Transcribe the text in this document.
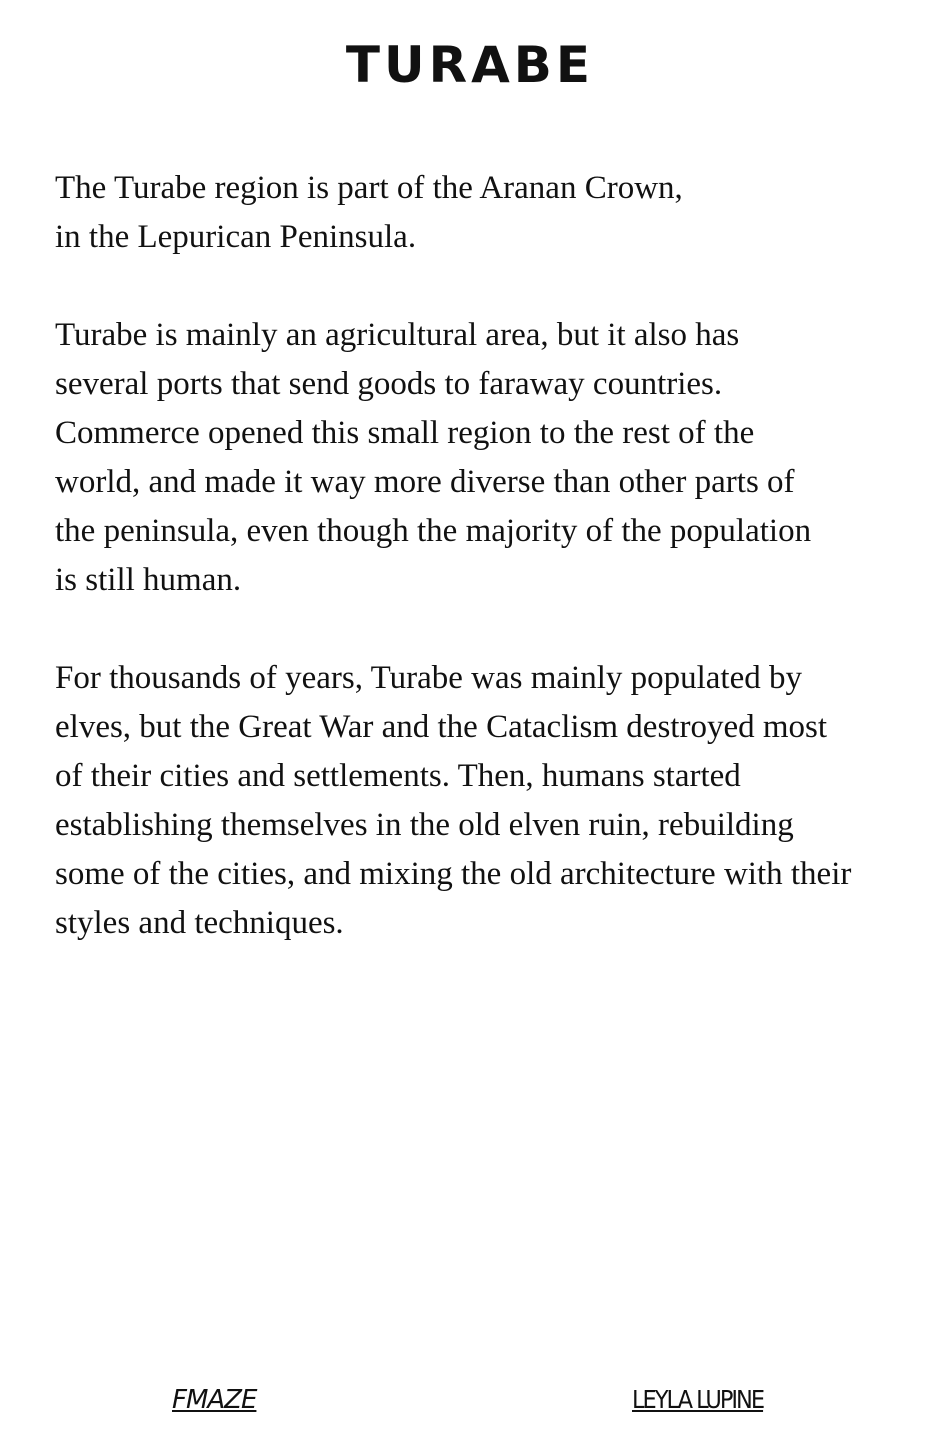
TURABE

The Turabe region is part of the Aranan Crown,
in the Lepurican Peninsula.

Turabe is mainly an agricultural area, but it also has
several ports that send goods to faraway countries.
Commerce opened this small region to the rest of the
world, and made it way more diverse than other parts of
the peninsula, even though the majority of the population
is still human.

For thousands of years, Turabe was mainly populated by
elves, but the Great War and the Cataclism destroyed most
of their cities and settlements. Then, humans started
establishing themselves in the old elven ruin, rebuilding
some of the cities, and mixing the old architecture with their
styles and techniques.

FMAZE	LEYLA LUPINE
